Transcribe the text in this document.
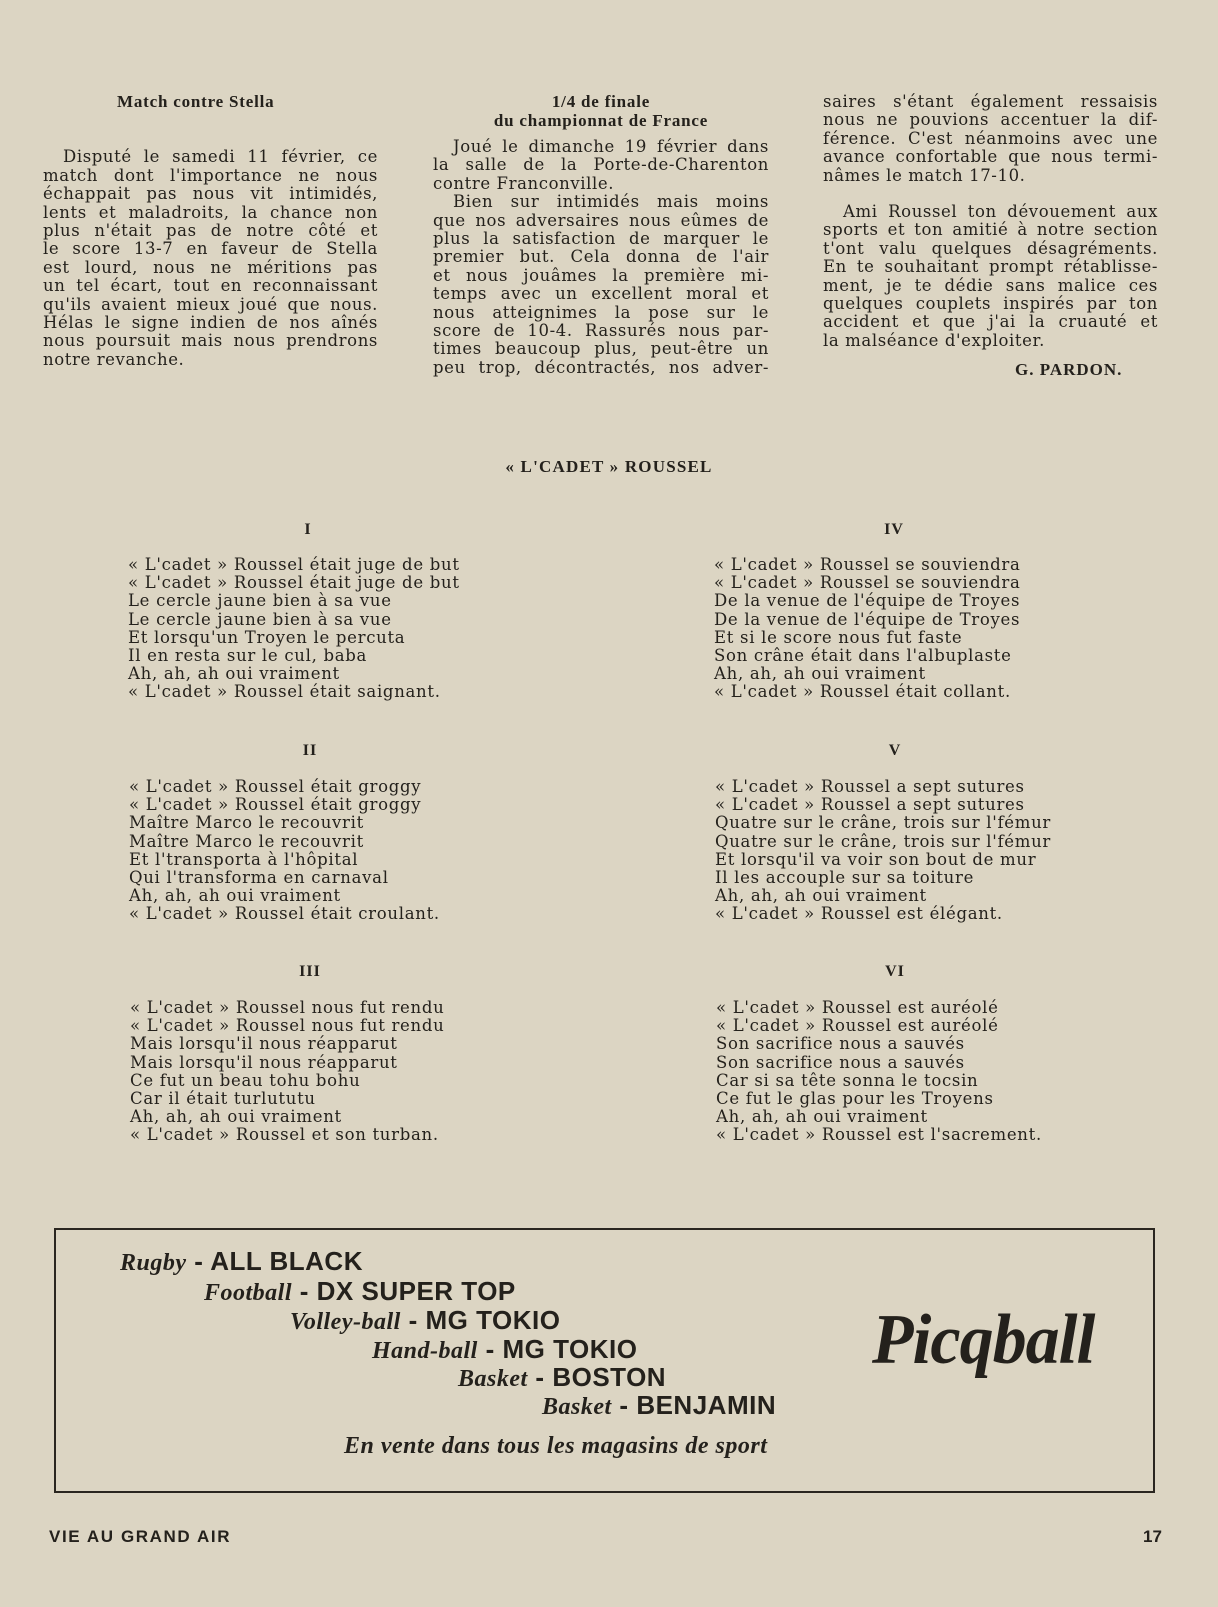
Match contre Stella

Disputé le samedi 11 février, ce

match dont l'importance ne nous

échappait pas nous vit intimidés,

lents et maladroits, la chance non

plus n'était pas de notre côté et

le score 13-7 en faveur de Stella

est lourd, nous ne méritions pas

un tel écart, tout en reconnaissant

qu'ils avaient mieux joué que nous.

Hélas le signe indien de nos aînés

nous poursuit mais nous prendrons

notre revanche.

1/4 de finale
du championnat de France

Joué le dimanche 19 février dans

la salle de la Porte-de-Charenton

contre Franconville.

Bien sur intimidés mais moins

que nos adversaires nous eûmes de

plus la satisfaction de marquer le

premier but. Cela donna de l'air

et nous jouâmes la première mi-

temps avec un excellent moral et

nous atteignimes la pose sur le

score de 10-4. Rassurés nous par-

times beaucoup plus, peut-être un

peu trop, décontractés, nos adver-

saires s'étant également ressaisis

nous ne pouvions accentuer la dif-

férence. C'est néanmoins avec une

avance confortable que nous termi-

nâmes le match 17-10.

Ami Roussel ton dévouement aux

sports et ton amitié à notre section

t'ont valu quelques désagréments.

En te souhaitant prompt rétablisse-

ment, je te dédie sans malice ces

quelques couplets inspirés par ton

accident et que j'ai la cruauté et

la malséance d'exploiter.

G. PARDON.
« L'CADET » ROUSSEL
I
« L'cadet » Roussel était juge de but
« L'cadet » Roussel était juge de but
Le cercle jaune bien à sa vue
Le cercle jaune bien à sa vue
Et lorsqu'un Troyen le percuta
Il en resta sur le cul, baba
Ah, ah, ah oui vraiment
« L'cadet » Roussel était saignant.
II
« L'cadet » Roussel était groggy
« L'cadet » Roussel était groggy
Maître Marco le recouvrit
Maître Marco le recouvrit
Et l'transporta à l'hôpital
Qui l'transforma en carnaval
Ah, ah, ah oui vraiment
« L'cadet » Roussel était croulant.
III
« L'cadet » Roussel nous fut rendu
« L'cadet » Roussel nous fut rendu
Mais lorsqu'il nous réapparut
Mais lorsqu'il nous réapparut
Ce fut un beau tohu bohu
Car il était turlututu
Ah, ah, ah oui vraiment
« L'cadet » Roussel et son turban.
IV
« L'cadet » Roussel se souviendra
« L'cadet » Roussel se souviendra
De la venue de l'équipe de Troyes
De la venue de l'équipe de Troyes
Et si le score nous fut faste
Son crâne était dans l'albuplaste
Ah, ah, ah oui vraiment
« L'cadet » Roussel était collant.
V
« L'cadet » Roussel a sept sutures
« L'cadet » Roussel a sept sutures
Quatre sur le crâne, trois sur l'fémur
Quatre sur le crâne, trois sur l'fémur
Et lorsqu'il va voir son bout de mur
Il les accouple sur sa toiture
Ah, ah, ah oui vraiment
« L'cadet » Roussel est élégant.
VI
« L'cadet » Roussel est auréolé
« L'cadet » Roussel est auréolé
Son sacrifice nous a sauvés
Son sacrifice nous a sauvés
Car si sa tête sonna le tocsin
Ce fut le glas pour les Troyens
Ah, ah, ah oui vraiment
« L'cadet » Roussel est l'sacrement.
Rugby - ALL BLACK
Football - DX SUPER TOP
Volley-ball - MG TOKIO
Hand-ball - MG TOKIO
Basket - BOSTON
Basket - BENJAMIN
Picqball
En vente dans tous les magasins de sport
VIE AU GRAND AIR	17
